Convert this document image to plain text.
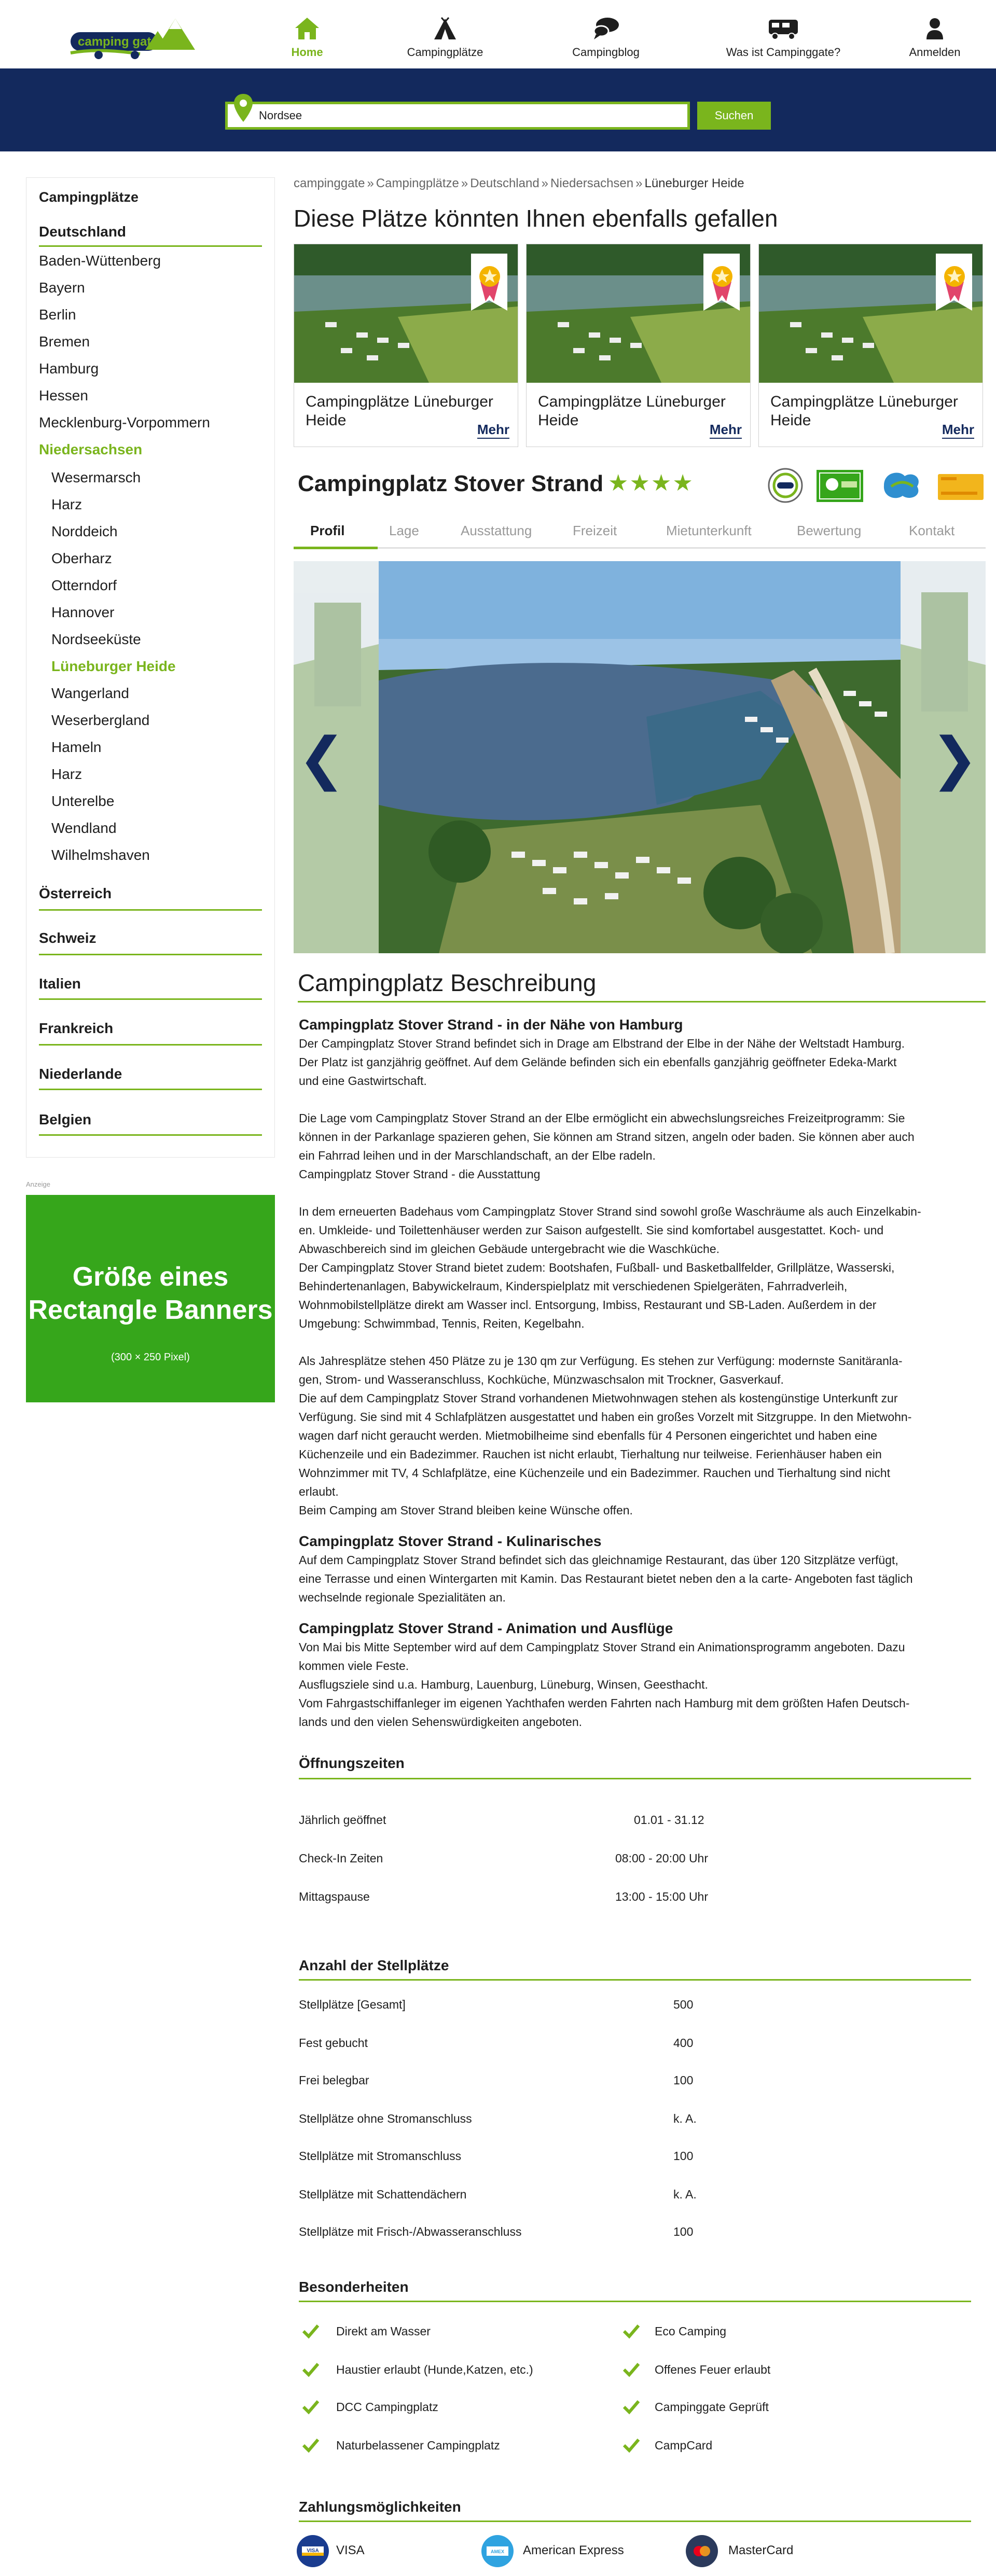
camping gate
Home	Campingplätze	Campingblog	Was ist Campinggate?	Anmelden
Nordsee
Suchen
Campingplätze
Deutschland
Baden-Wüttenberg
Bayern
Berlin
Bremen
Hamburg
Hessen
Mecklenburg-Vorpommern
Niedersachsen
Wesermarsch
Harz
Norddeich
Oberharz
Otterndorf
Hannover
Nordseeküste
Lüneburger Heide
Wangerland
Weserbergland
Hameln
Harz
Unterelbe
Wendland
Wilhelmshaven
Österreich
Schweiz
Italien
Frankreich
Niederlande
Belgien
Anzeige
Größe eines
Rectangle Banners
(300 × 250 Pixel)
campinggate » Campingplätze » Deutschland » Niedersachsen » Lüneburger Heide
Diese Plätze könnten Ihnen ebenfalls gefallen
Campingplätze Lüneburger Heide
Mehr
Campingplätze Lüneburger Heide
Mehr
Campingplätze Lüneburger Heide
Mehr
Campingplatz Stover Strand ★★★★
Profil	Lage	Ausstattung	Freizeit	Mietunterkunft	Bewertung	Kontakt
❮	❯
Campingplatz Beschreibung
Campingplatz Stover Strand - in der Nähe von Hamburg

Der Campingplatz Stover Strand befindet sich in Drage am Elbstrand der Elbe in der Nähe der Weltstadt Hamburg.
Der Platz ist ganzjährig geöffnet. Auf dem Gelände befinden sich ein ebenfalls ganzjährig geöffneter Edeka-Markt
und eine Gastwirtschaft.

Die Lage vom Campingplatz Stover Strand an der Elbe ermöglicht ein abwechslungsreiches Freizeitprogramm: Sie
können in der Parkanlage spazieren gehen, Sie können am Strand sitzen, angeln oder baden. Sie können aber auch
ein Fahrrad leihen und in der Marschlandschaft, an der Elbe radeln.
Campingplatz Stover Strand - die Ausstattung

In dem erneuerten Badehaus vom Campingplatz Stover Strand sind sowohl große Waschräume als auch Einzelkabin-
en. Umkleide- und Toilettenhäuser werden zur Saison aufgestellt. Sie sind komfortabel ausgestattet. Koch- und
Abwaschbereich sind im gleichen Gebäude untergebracht wie die Waschküche.
Der Campingplatz Stover Strand bietet zudem: Bootshafen, Fußball- und Basketballfelder, Grillplätze, Wasserski,
Behindertenanlagen, Babywickelraum, Kinderspielplatz mit verschiedenen Spielgeräten, Fahrradverleih,
Wohnmobilstellplätze direkt am Wasser incl. Entsorgung, Imbiss, Restaurant und SB-Laden. Außerdem in der
Umgebung: Schwimmbad, Tennis, Reiten, Kegelbahn.

Als Jahresplätze stehen 450 Plätze zu je 130 qm zur Verfügung. Es stehen zur Verfügung: modernste Sanitäranla-
gen, Strom- und Wasseranschluss, Kochküche, Münzwaschsalon mit Trockner, Gasverkauf.
Die auf dem Campingplatz Stover Strand vorhandenen Mietwohnwagen stehen als kostengünstige Unterkunft zur
Verfügung. Sie sind mit 4 Schlafplätzen ausgestattet und haben ein großes Vorzelt mit Sitzgruppe. In den Mietwohn-
wagen darf nicht geraucht werden. Mietmobilheime sind ebenfalls für 4 Personen eingerichtet und haben eine
Küchenzeile und ein Badezimmer. Rauchen ist nicht erlaubt, Tierhaltung nur teilweise. Ferienhäuser haben ein
Wohnzimmer mit TV, 4 Schlafplätze, eine Küchenzeile und ein Badezimmer. Rauchen und Tierhaltung sind nicht
erlaubt.
Beim Camping am Stover Strand bleiben keine Wünsche offen.

Campingplatz Stover Strand - Kulinarisches

Auf dem Campingplatz Stover Strand befindet sich das gleichnamige Restaurant, das über 120 Sitzplätze verfügt,
eine Terrasse und einen Wintergarten mit Kamin. Das Restaurant bietet neben den a la carte- Angeboten fast täglich
wechselnde regionale Spezialitäten an.

Campingplatz Stover Strand - Animation und Ausflüge

Von Mai bis Mitte September wird auf dem Campingplatz Stover Strand ein Animationsprogramm angeboten. Dazu
kommen viele Feste.
Ausflugsziele sind u.a. Hamburg, Lauenburg, Lüneburg, Winsen, Geesthacht.
Vom Fahrgastschiffanleger im eigenen Yachthafen werden Fahrten nach Hamburg mit dem größten Hafen Deutsch-
lands und den vielen Sehenswürdigkeiten angeboten.

Öffnungszeiten
Jährlich geöffnet	01.01 - 31.12
Check-In Zeiten	08:00 - 20:00 Uhr
Mittagspause	13:00 - 15:00 Uhr
Anzahl der Stellplätze
Stellplätze [Gesamt]	500
Fest gebucht	400
Frei belegbar	100
Stellplätze ohne Stromanschluss	k. A.
Stellplätze mit Stromanschluss	100
Stellplätze mit Schattendächern	k. A.
Stellplätze mit Frisch-/Abwasseranschluss	100
Besonderheiten
Direkt am Wasser	Eco Camping
Haustier erlaubt (Hunde,Katzen, etc.)	Offenes Feuer erlaubt
DCC Campingplatz	Campinggate Geprüft
Naturbelassener Campingplatz	CampCard
Zahlungsmöglichkeiten
VISA VISA	AMEX American Express	MasterCard
